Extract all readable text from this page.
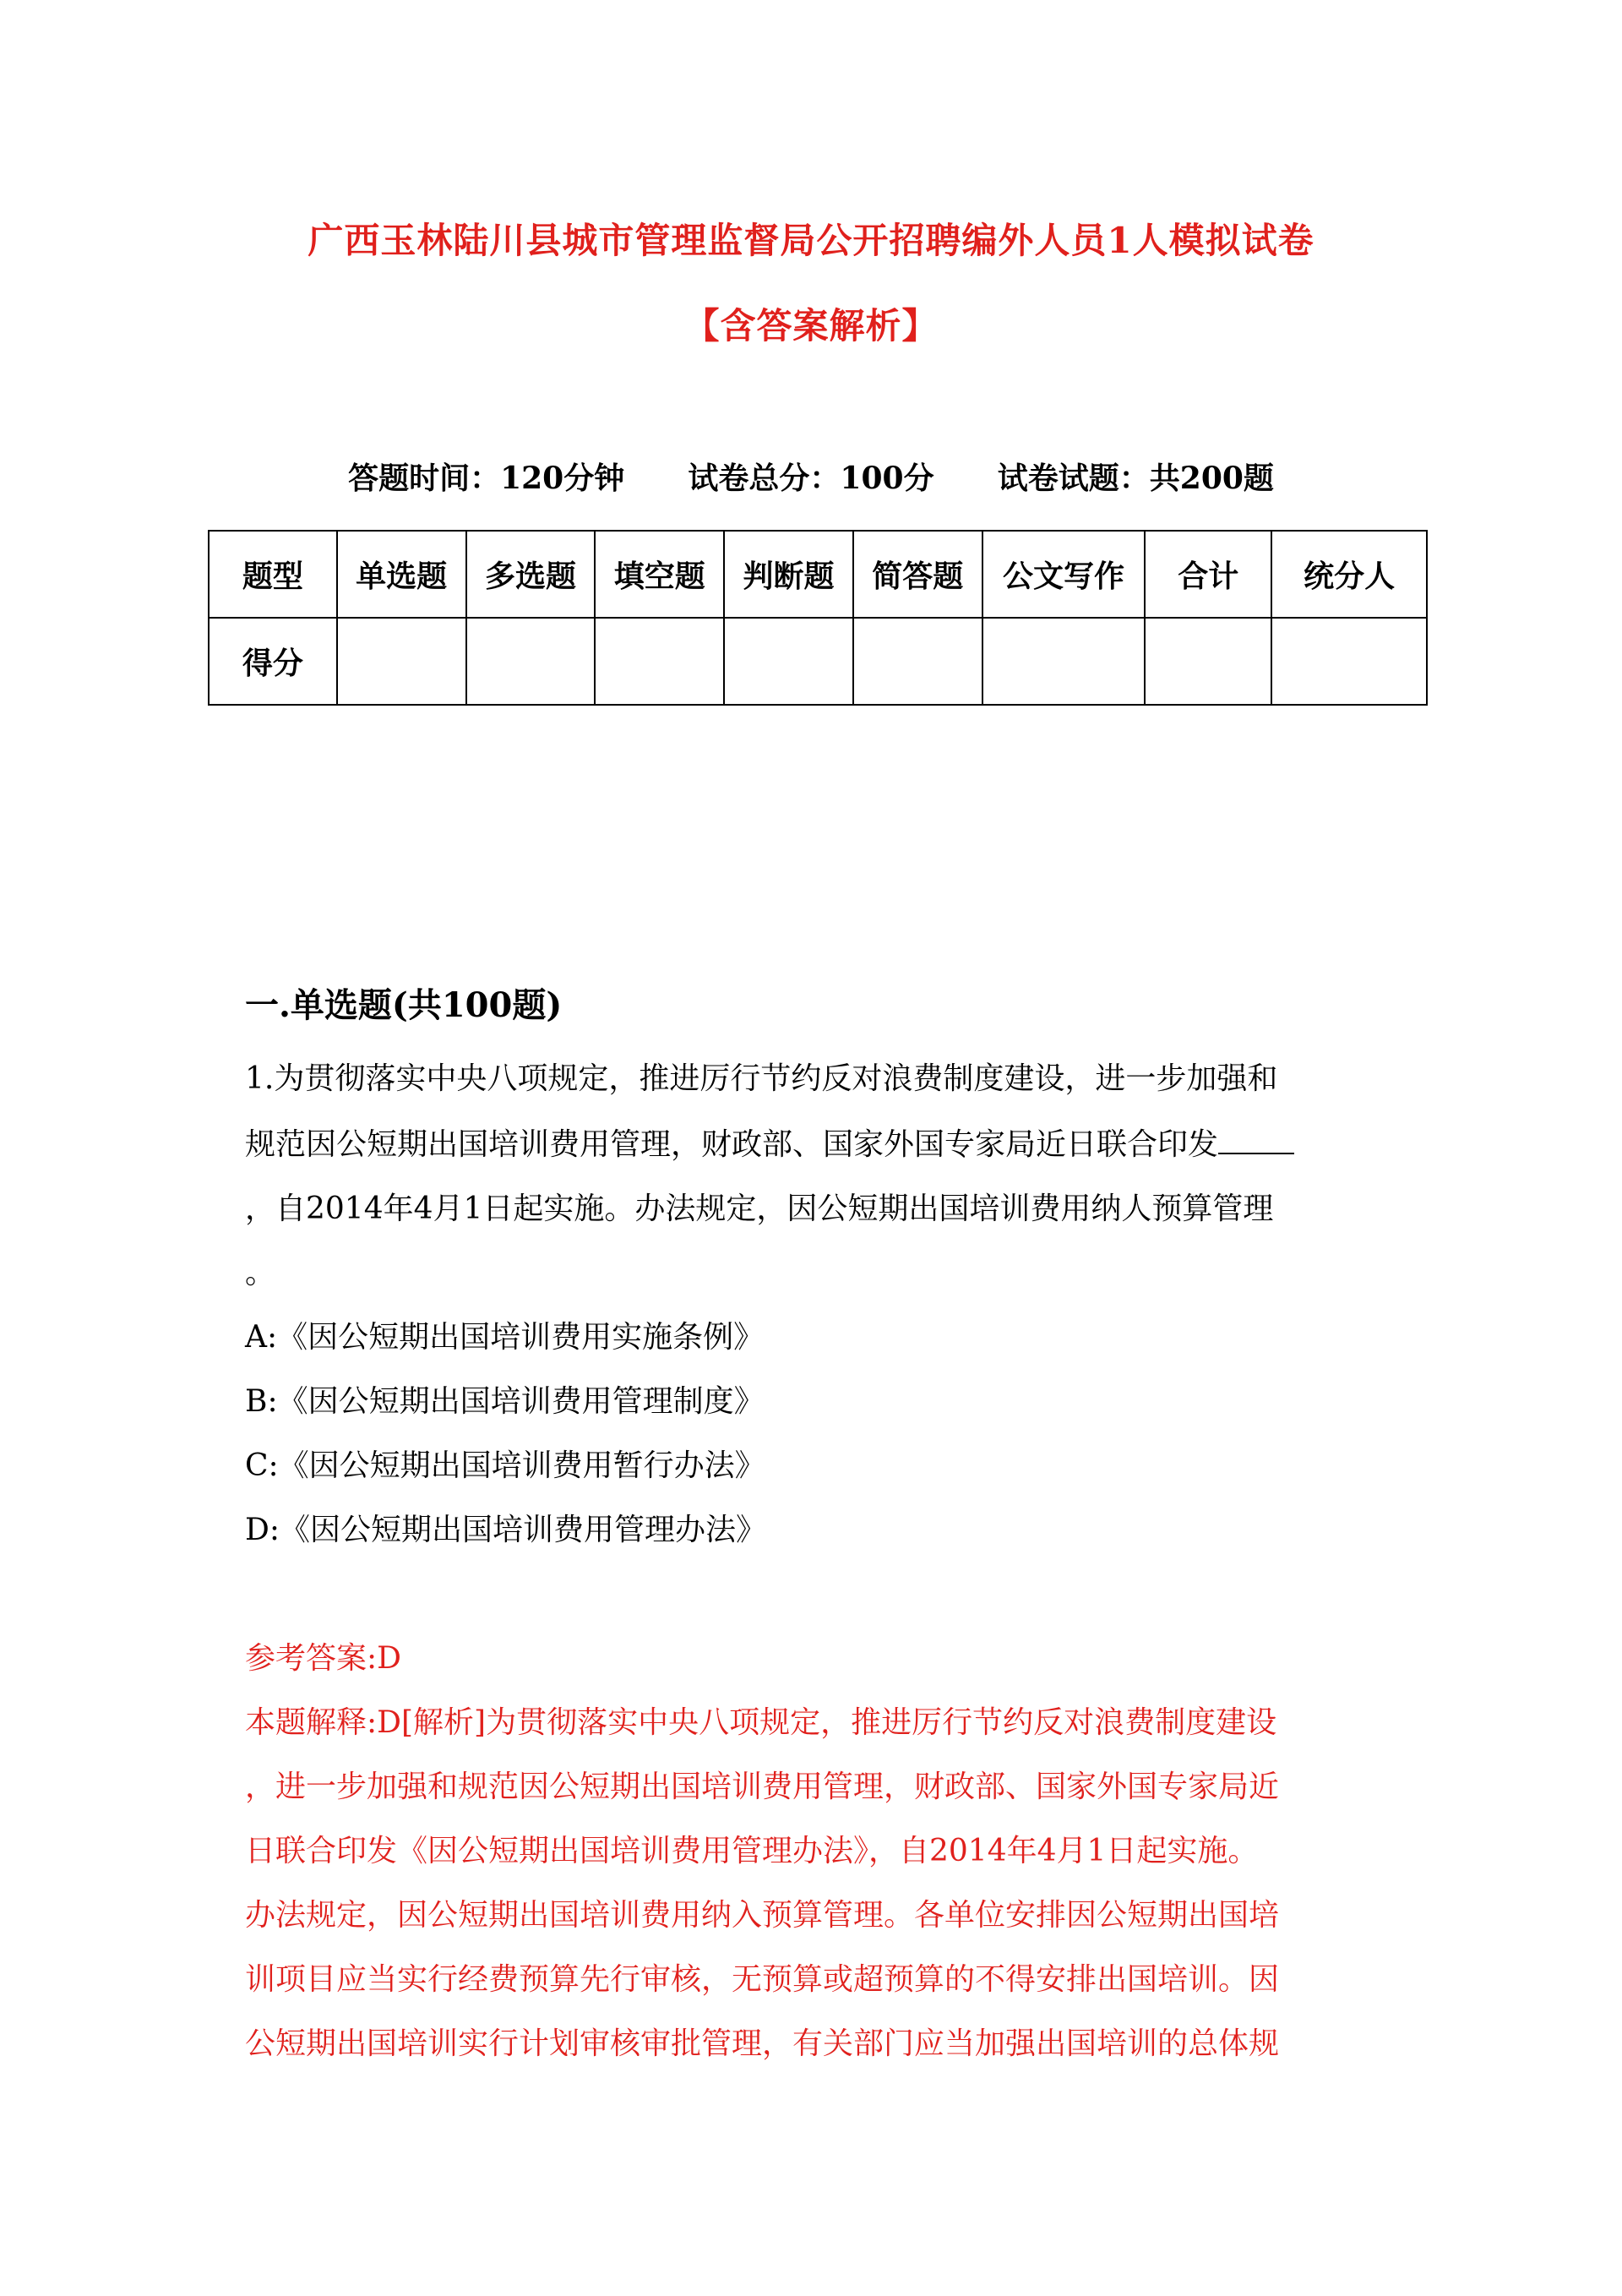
广西玉林陆川县城市管理监督局公开招聘编外人员1人模拟试卷
【含答案解析】
答题时间：120分钟      试卷总分：100分      试卷试题：共200题
题型	单选题	多选题	填空题	判断题	简答题	公文写作	合计	统分人
得分								
一.单选题(共100题)
1.为贯彻落实中央八项规定，推进厉行节约反对浪费制度建设，进一步加强和
规范因公短期出国培训费用管理，财政部、国家外国专家局近日联合印发
，自2014年4月1日起实施。办法规定，因公短期出国培训费用纳人预算管理
。
A:《因公短期出国培训费用实施条例》
B:《因公短期出国培训费用管理制度》
C:《因公短期出国培训费用暂行办法》
D:《因公短期出国培训费用管理办法》
参考答案:D
本题解释:D[解析]为贯彻落实中央八项规定，推进厉行节约反对浪费制度建设
，进一步加强和规范因公短期出国培训费用管理，财政部、国家外国专家局近
日联合印发《因公短期出国培训费用管理办法》，自2014年4月1日起实施。
办法规定，因公短期出国培训费用纳入预算管理。各单位安排因公短期出国培
训项目应当实行经费预算先行审核，无预算或超预算的不得安排出国培训。因
公短期出国培训实行计划审核审批管理，有关部门应当加强出国培训的总体规
